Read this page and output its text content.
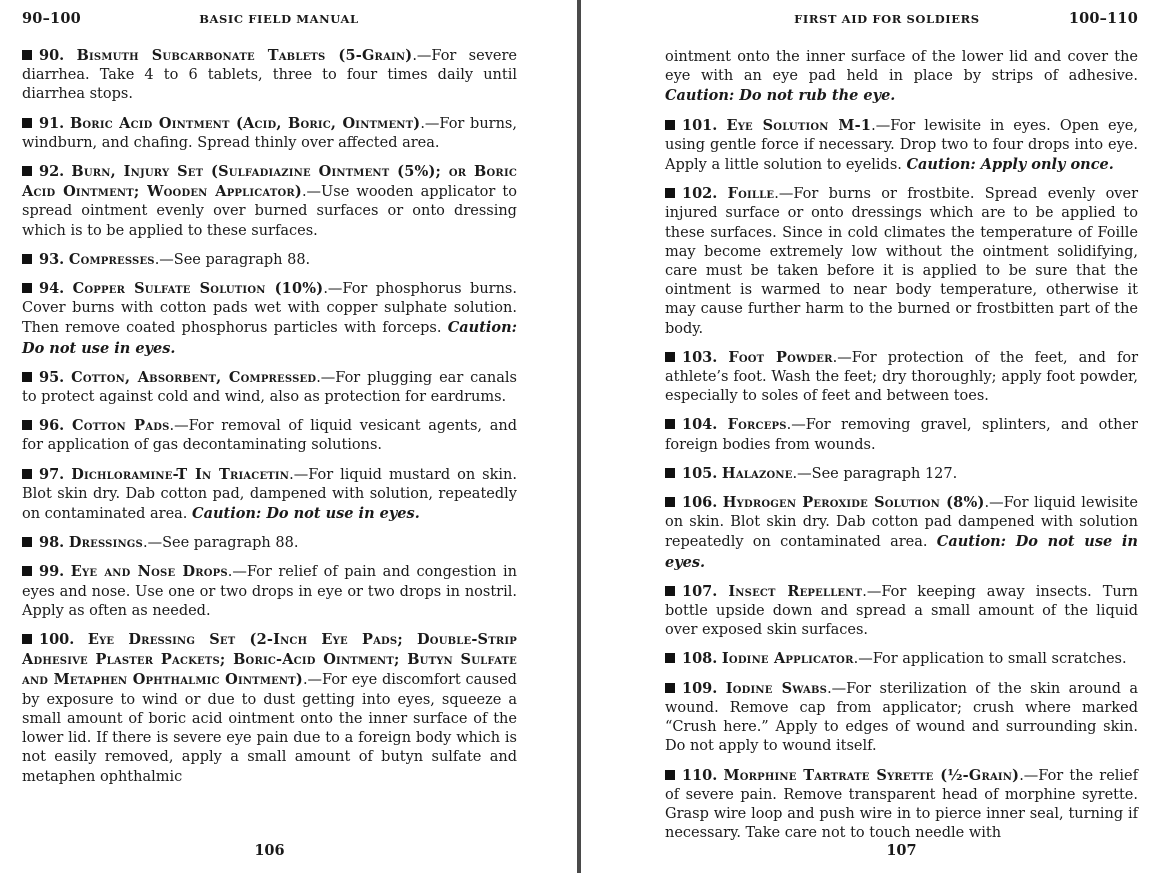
90–100	BASIC FIELD MANUAL

90. Bismuth Subcarbonate Tablets (5-Grain).—For severe diarrhea. Take 4 to 6 tablets, three to four times daily until diarrhea stops.

91. Boric Acid Ointment (Acid, Boric, Ointment).—For burns, windburn, and chafing. Spread thinly over affected area.

92. Burn, Injury Set (Sulfadiazine Ointment (5%); or Boric Acid Ointment; Wooden Applicator).—Use wooden applicator to spread ointment evenly over burned surfaces or onto dressing which is to be applied to these surfaces.

93. Compresses.—See paragraph 88.

94. Copper Sulfate Solution (10%).—For phosphorus burns. Cover burns with cotton pads wet with copper sulphate solution. Then remove coated phosphorus particles with forceps. Caution: Do not use in eyes.

95. Cotton, Absorbent, Compressed.—For plugging ear canals to protect against cold and wind, also as protection for eardrums.

96. Cotton Pads.—For removal of liquid vesicant agents, and for application of gas decontaminating solutions.

97. Dichloramine-T In Triacetin.—For liquid mustard on skin. Blot skin dry. Dab cotton pad, dampened with solution, repeatedly on contaminated area. Caution: Do not use in eyes.

98. Dressings.—See paragraph 88.

99. Eye and Nose Drops.—For relief of pain and congestion in eyes and nose. Use one or two drops in eye or two drops in nostril. Apply as often as needed.

100. Eye Dressing Set (2-Inch Eye Pads; Double-Strip Adhesive Plaster Packets; Boric-Acid Ointment; Butyn Sulfate and Metaphen Ophthalmic Ointment).—For eye discomfort caused by exposure to wind or due to dust getting into eyes, squeeze a small amount of boric acid ointment onto the inner surface of the lower lid. If there is severe eye pain due to a foreign body which is not easily removed, apply a small amount of butyn sulfate and metaphen ophthalmic

106
FIRST AID FOR SOLDIERS	100–110

ointment onto the inner surface of the lower lid and cover the eye with an eye pad held in place by strips of adhesive. Caution: Do not rub the eye.

101. Eye Solution M-1.—For lewisite in eyes. Open eye, using gentle force if necessary. Drop two to four drops into eye. Apply a little solution to eyelids. Caution: Apply only once.

102. Foille.—For burns or frostbite. Spread evenly over injured surface or onto dressings which are to be applied to these surfaces. Since in cold climates the temperature of Foille may become extremely low without the ointment solidifying, care must be taken before it is applied to be sure that the ointment is warmed to near body temperature, otherwise it may cause further harm to the burned or frostbitten part of the body.

103. Foot Powder.—For protection of the feet, and for athlete’s foot. Wash the feet; dry thoroughly; apply foot powder, especially to soles of feet and between toes.

104. Forceps.—For removing gravel, splinters, and other foreign bodies from wounds.

105. Halazone.—See paragraph 127.

106. Hydrogen Peroxide Solution (8%).—For liquid lewisite on skin. Blot skin dry. Dab cotton pad dampened with solution repeatedly on contaminated area. Caution: Do not use in eyes.

107. Insect Repellent.—For keeping away insects. Turn bottle upside down and spread a small amount of the liquid over exposed skin surfaces.

108. Iodine Applicator.—For application to small scratches.

109. Iodine Swabs.—For sterilization of the skin around a wound. Remove cap from applicator; crush where marked “Crush here.” Apply to edges of wound and surrounding skin. Do not apply to wound itself.

110. Morphine Tartrate Syrette (½-Grain).—For the relief of severe pain. Remove transparent head of morphine syrette. Grasp wire loop and push wire in to pierce inner seal, turning if necessary. Take care not to touch needle with

107
